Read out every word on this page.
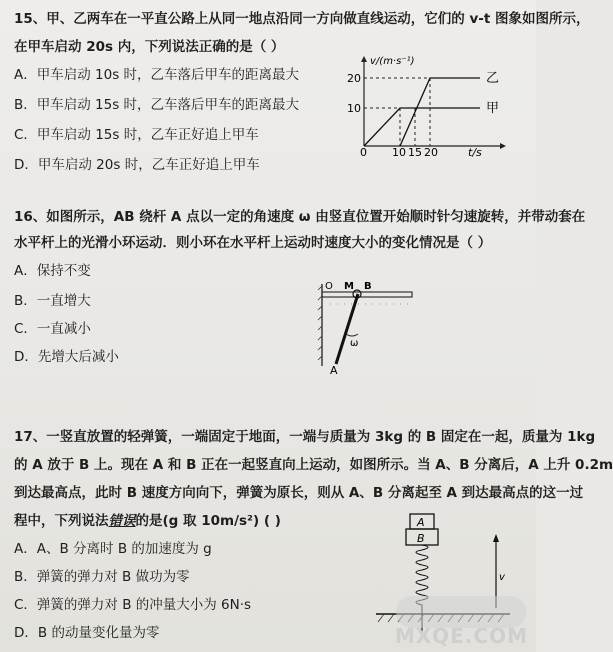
15、甲、乙两车在一平直公路上从同一地点沿同一方向做直线运动，它们的 v-t 图象如图所示，
在甲车启动 20s 内，下列说法正确的是（ ）
A．甲车启动 10s 时，乙车落后甲车的距离最大
B．甲车启动 15s 时，乙车落后甲车的距离最大
C．甲车启动 15s 时，乙车正好追上甲车
D．甲车启动 20s 时，乙车正好追上甲车
v/(m·s⁻¹)
20
10
0 10 15 20	t/s
乙
甲
16、如图所示，AB 绕杆 A 点以一定的角速度 ω 由竖直位置开始顺时针匀速旋转，并带动套在
水平杆上的光滑小环运动．则小环在水平杆上运动时速度大小的变化情况是（ ）
A．保持不变
B．一直增大
C．一直减小
D．先增大后减小
O M B
ω
A
17、一竖直放置的轻弹簧，一端固定于地面，一端与质量为 3kg 的 B 固定在一起，质量为 1kg
的 A 放于 B 上。现在 A 和 B 正在一起竖直向上运动，如图所示。当 A、B 分离后，A 上升 0.2m
到达最高点，此时 B 速度方向向下，弹簧为原长，则从 A、B 分离起至 A 到达最高点的这一过
程中，下列说法错误的是(g 取 10m/s²) ( )
A．A、B 分离时 B 的加速度为 g
B．弹簧的弹力对 B 做功为零
C．弹簧的弹力对 B 的冲量大小为 6N·s
D．B 的动量变化量为零
A
B
v
MXQE.COM
